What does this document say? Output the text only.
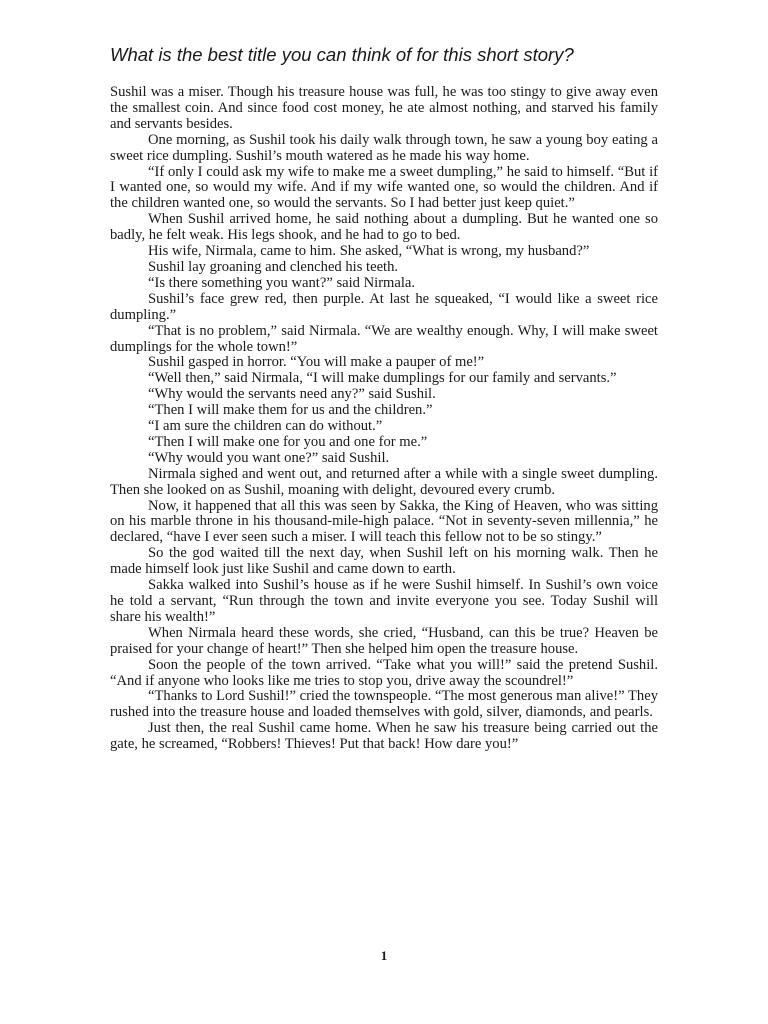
What is the best title you can think of for this short story?

Sushil was a miser. Though his treasure house was full, he was too stingy to give away even the smallest coin. And since food cost money, he ate almost nothing, and starved his family and servants besides.

One morning, as Sushil took his daily walk through town, he saw a young boy eating a sweet rice dumpling. Sushil’s mouth watered as he made his way home.

“If only I could ask my wife to make me a sweet dumpling,” he said to himself. “But if I wanted one, so would my wife. And if my wife wanted one, so would the children. And if the children wanted one, so would the servants. So I had better just keep quiet.”

When Sushil arrived home, he said nothing about a dumpling. But he wanted one so badly, he felt weak. His legs shook, and he had to go to bed.

His wife, Nirmala, came to him. She asked, “What is wrong, my husband?”

Sushil lay groaning and clenched his teeth.

“Is there something you want?” said Nirmala.

Sushil’s face grew red, then purple. At last he squeaked, “I would like a sweet rice dumpling.”

“That is no problem,” said Nirmala. “We are wealthy enough. Why, I will make sweet dumplings for the whole town!”

Sushil gasped in horror. “You will make a pauper of me!”

“Well then,” said Nirmala, “I will make dumplings for our family and servants.”

“Why would the servants need any?” said Sushil.

“Then I will make them for us and the children.”

“I am sure the children can do without.”

“Then I will make one for you and one for me.”

“Why would you want one?” said Sushil.

Nirmala sighed and went out, and returned after a while with a single sweet dumpling. Then she looked on as Sushil, moaning with delight, devoured every crumb.

Now, it happened that all this was seen by Sakka, the King of Heaven, who was sitting on his marble throne in his thousand-mile-high palace. “Not in seventy-seven millennia,” he declared, “have I ever seen such a miser. I will teach this fellow not to be so stingy.”

So the god waited till the next day, when Sushil left on his morning walk. Then he made himself look just like Sushil and came down to earth.

Sakka walked into Sushil’s house as if he were Sushil himself. In Sushil’s own voice he told a servant, “Run through the town and invite everyone you see. Today Sushil will share his wealth!”

When Nirmala heard these words, she cried, “Husband, can this be true? Heaven be praised for your change of heart!” Then she helped him open the treasure house.

Soon the people of the town arrived. “Take what you will!” said the pretend Sushil. “And if anyone who looks like me tries to stop you, drive away the scoundrel!”

“Thanks to Lord Sushil!” cried the townspeople. “The most generous man alive!” They rushed into the treasure house and loaded themselves with gold, silver, diamonds, and pearls.

Just then, the real Sushil came home. When he saw his treasure being carried out the gate, he screamed, “Robbers! Thieves! Put that back! How dare you!”

1
